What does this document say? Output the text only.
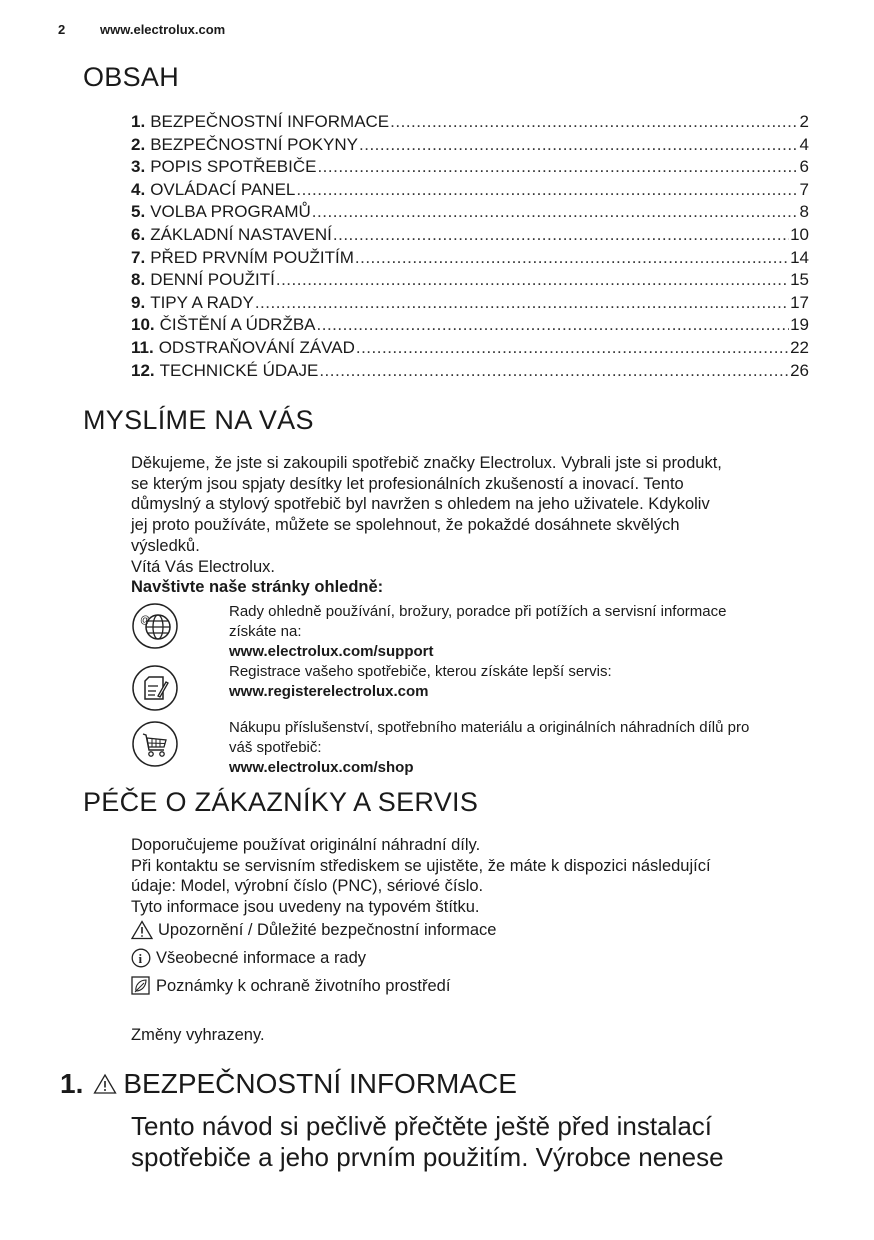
2	www.electrolux.com
OBSAH
1. BEZPEČNOSTNÍ INFORMACE .....	2
2. BEZPEČNOSTNÍ POKYNY .....	4
3. POPIS SPOTŘEBIČE .....	6
4. OVLÁDACÍ PANEL .....	7
5. VOLBA PROGRAMŮ .....	8
6. ZÁKLADNÍ NASTAVENÍ .....	10
7. PŘED PRVNÍM POUŽITÍM .....	14
8. DENNÍ POUŽITÍ .....	15
9. TIPY A RADY .....	17
10. ČIŠTĚNÍ A ÚDRŽBA .....	19
11. ODSTRAŇOVÁNÍ ZÁVAD .....	22
12. TECHNICKÉ ÚDAJE .....	26
MYSLÍME NA VÁS
Děkujeme, že jste si zakoupili spotřebič značky Electrolux. Vybrali jste si produkt,
se kterým jsou spjaty desítky let profesionálních zkušeností a inovací. Tento
důmyslný a stylový spotřebič byl navržen s ohledem na jeho uživatele. Kdykoliv
jej proto používáte, můžete se spolehnout, že pokaždé dosáhnete skvělých
výsledků.
Vítá Vás Electrolux.
Navštivte naše stránky ohledně:
@
Rady ohledně používání, brožury, poradce při potížích a servisní informace
získáte na:
www.electrolux.com/support
Registrace vašeho spotřebiče, kterou získáte lepší servis:
www.registerelectrolux.com
Nákupu příslušenství, spotřebního materiálu a originálních náhradních dílů pro
váš spotřebič:
www.electrolux.com/shop
PÉČE O ZÁKAZNÍKY A SERVIS
Doporučujeme používat originální náhradní díly.
Při kontaktu se servisním střediskem se ujistěte, že máte k dispozici následující
údaje: Model, výrobní číslo (PNC), sériové číslo.
Tyto informace jsou uvedeny na typovém štítku.
Upozornění / Důležité bezpečnostní informace
i Všeobecné informace a rady
Poznámky k ochraně životního prostředí
Změny vyhrazeny.
1. BEZPEČNOSTNÍ INFORMACE
Tento návod si pečlivě přečtěte ještě před instalací
spotřebiče a jeho prvním použitím. Výrobce nenese
